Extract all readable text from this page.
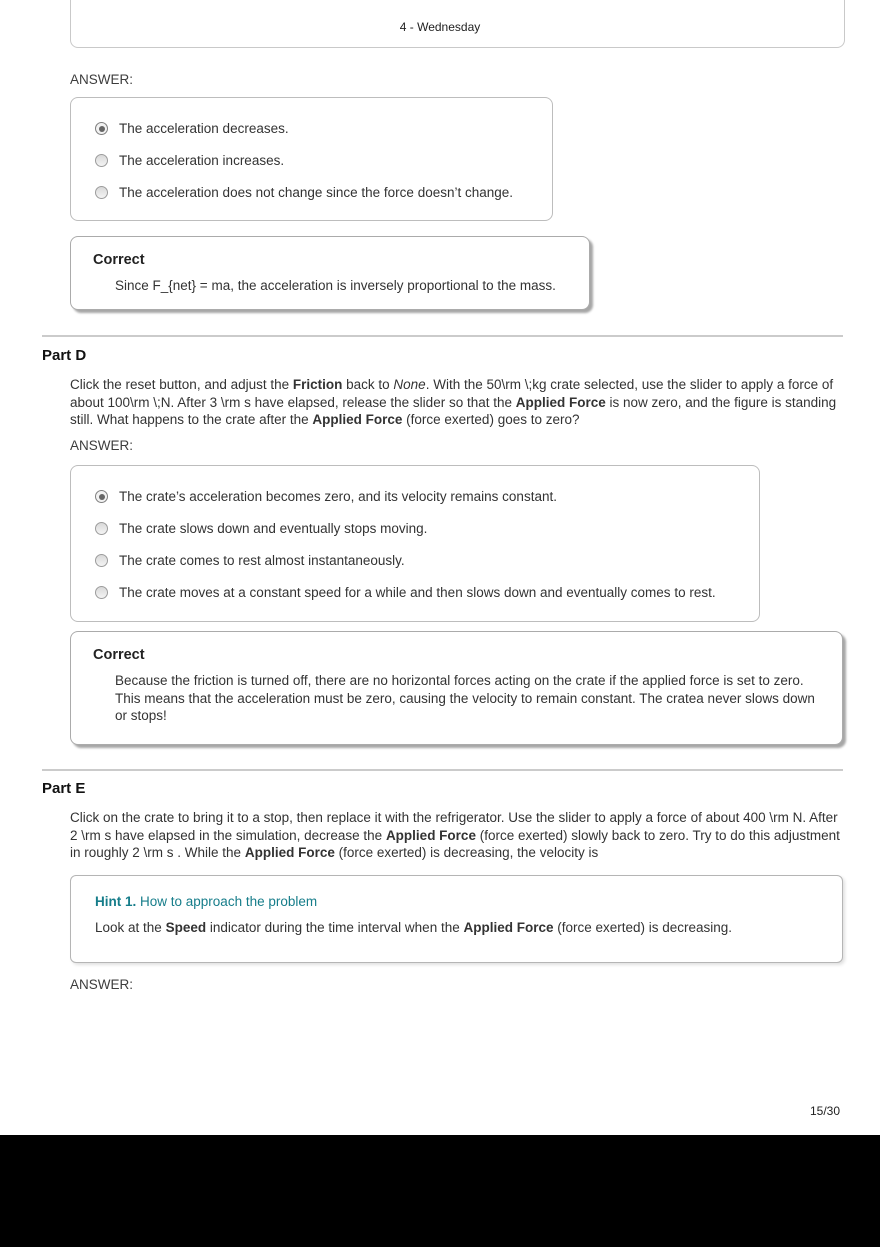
4 - Wednesday
ANSWER:
The acceleration decreases.
The acceleration increases.
The acceleration does not change since the force doesn’t change.
Correct
Since F_{net} = ma, the acceleration is inversely proportional to the mass.
Part D

Click the reset button, and adjust the Friction back to None. With the 50\rm \;kg crate selected, use the slider to apply a force of about 100\rm \;N. After 3 \rm s have elapsed, release the slider so that the Applied Force is now zero, and the figure is standing still. What happens to the crate after the Applied Force (force exerted) goes to zero?

ANSWER:
The crate’s acceleration becomes zero, and its velocity remains constant.
The crate slows down and eventually stops moving.
The crate comes to rest almost instantaneously.
The crate moves at a constant speed for a while and then slows down and eventually comes to rest.
Correct
Because the friction is turned off, there are no horizontal forces acting on the crate if the applied force is set to zero. This means that the acceleration must be zero, causing the velocity to remain constant. The cratea never slows down or stops!
Part E

Click on the crate to bring it to a stop, then replace it with the refrigerator. Use the slider to apply a force of about 400 \rm N. After 2 \rm s have elapsed in the simulation, decrease the Applied Force (force exerted) slowly back to zero. Try to do this adjustment in roughly 2 \rm s . While the Applied Force (force exerted) is decreasing, the velocity is

Hint 1. How to approach the problem
Look at the Speed indicator during the time interval when the Applied Force (force exerted) is decreasing.
ANSWER:
15/30
